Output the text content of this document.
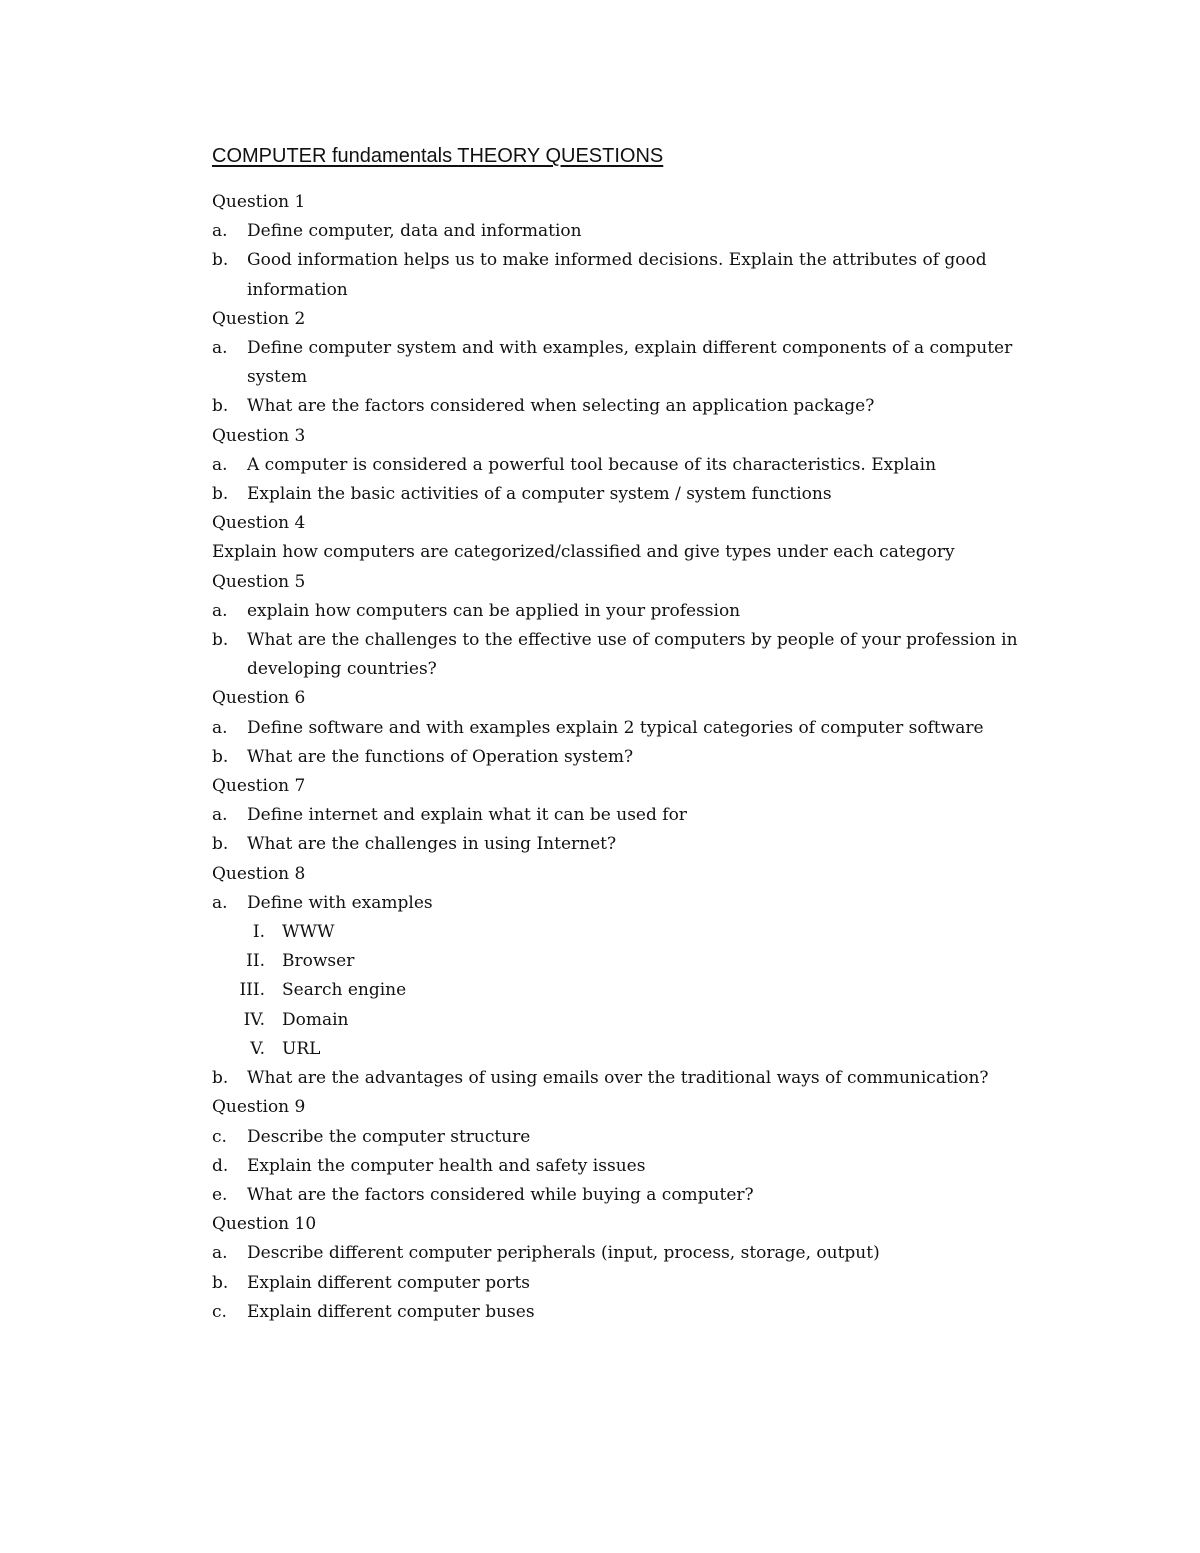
COMPUTER fundamentals THEORY QUESTIONS
Question 1
a.	Define computer, data and information
b.	Good information helps us to make informed decisions. Explain the attributes of good information
Question 2
a.	Define computer system and with examples, explain different components of a computer system
b.	What are the factors considered when selecting an application package?
Question 3
a.	A computer is considered a powerful tool because of its characteristics. Explain
b.	Explain the basic activities of a computer system / system functions
Question 4
Explain how computers are categorized/classified and give types under each category
Question 5
a.	explain how computers can be applied in your profession
b.	What are the challenges to the effective use of computers by people of your profession in developing countries?
Question 6
a.	Define software and with examples explain 2 typical categories of computer software
b.	What are the functions of Operation system?
Question 7
a.	Define internet and explain what it can be used for
b.	What are the challenges in using Internet?
Question 8
a.	Define with examples
I.	WWW
II.	Browser
III.	Search engine
IV.	Domain
V.	URL
b.	What are the advantages of using emails over the traditional ways of communication?
Question 9
c.	Describe the computer structure
d.	Explain the computer health and safety issues
e.	What are the factors considered while buying a computer?
Question 10
a.	Describe different computer peripherals (input, process, storage, output)
b.	Explain different computer ports
c.	Explain different computer buses
